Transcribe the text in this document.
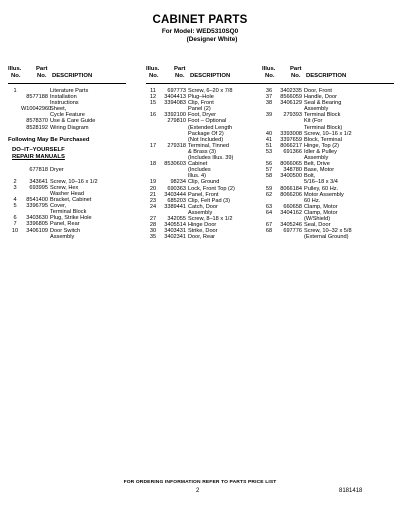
CABINET PARTS
For Model: WED5310SQ0
(Designer White)
Illus.
No.
Part
No. DESCRIPTION
1	Literature Parts
8577188 Installation
Instructions
W10042960
Sheet,
Cycle Feature
8578370 Use & Care Guide
8528192 Wiring Diagram
Following May Be Purchased
DO–IT–YOURSELF
REPAIR MANUALS
677818 Dryer
2	343641 Screw, 10–16 x 1/2
3	693995 Screw, Hex
Washer Head
4	8541400 Bracket, Cabinet
5	3396795 Cover,
Terminal Block
6	3403630 Plug, Strike Hole
7	3396805 Panel, Rear
10	3406109 Door Switch
Assembly
Illus.
No.
Part
No. DESCRIPTION
11	697773 Screw, 6–20 x 7/8
12	3404413 Plug–Hole
15	3394083 Clip, Front
Panel (2)
16	3392100 Foot, Dryer
279810 Foot – Optional
(Extended Length
Package Of 2)
(Not Included)
17	279318 Terminal, Tinned
& Brass (3)
(Includes Illus. 39)
18	8530603 Cabinet
(Includes
Illus. 4)
19	98234 Clip, Ground
20	690363 Lock, Front Top (2)
21	3403444 Panel, Front
23	685203 Clip, Felt Pad (3)
24	3389441 Catch, Door
Assembly
27	342055 Screw, 8–18 x 1/2
28	3405514 Hinge Door
30	3403431 Strike, Door
35	3402341 Door, Rear
Illus.
No.
Part
No. DESCRIPTION
36	3402335 Door, Front
37	8566059 Handle, Door
38	3406129 Seal & Bearing
Assembly
39	279393 Terminal Block
Kit (For
Terminal Block)
40	3393008 Screw, 10–16 x 1/2
41	3397659 Block, Terminal
51	8066217 Hinge, Top (2)
53	691366 Idler & Pulley
Assembly
56	8066065 Belt, Drive
57	348780 Base, Motor
58	3400500 Bolt,
5/16–18 x 3/4
59	8066184 Pulley, 60 Hz.
62	8066206 Motor Assembly
60 Hz.
63	660658 Clamp, Motor
64	3404162 Clamp, Motor
(W/Shield)
67	3405246 Seal, Door
68	697776 Screw, 10–32 x 5/8
(External Ground)
FOR ORDERING INFORMATION REFER TO PARTS PRICE LIST
2	8181418
